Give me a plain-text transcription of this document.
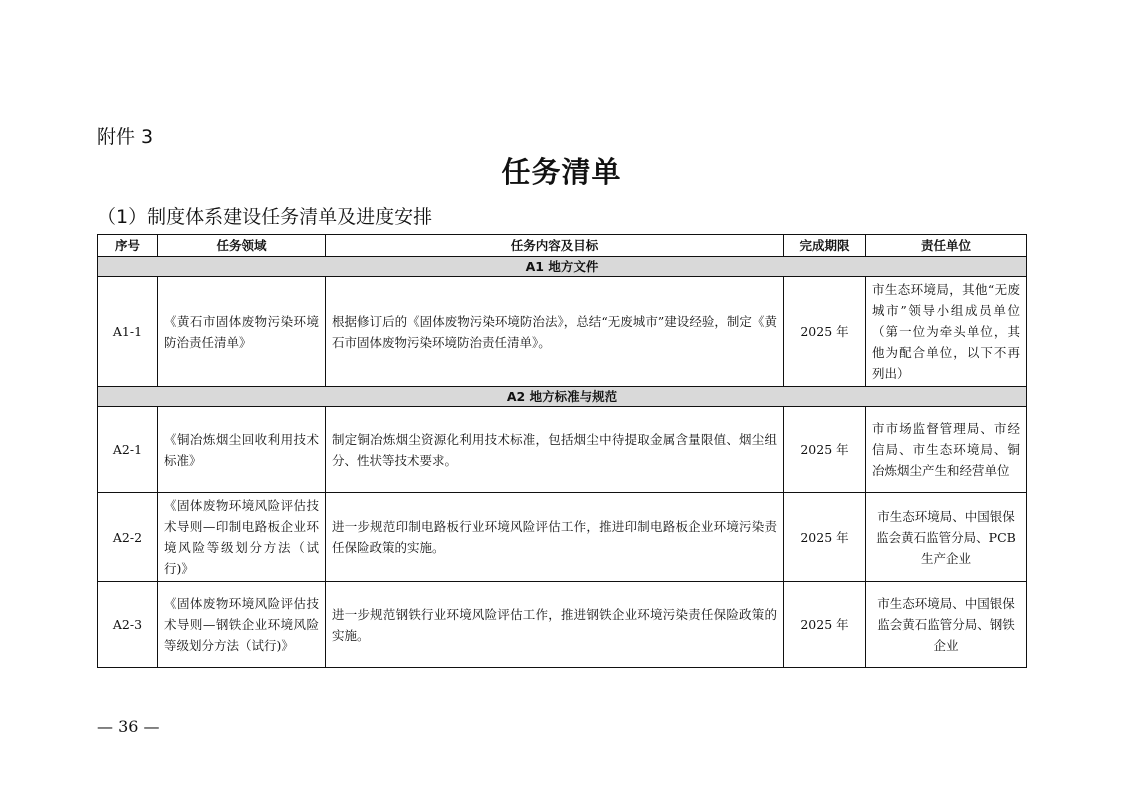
附件 3
任务清单
（1）制度体系建设任务清单及进度安排
序号	任务领域	任务内容及目标	完成期限	责任单位
A1 地方文件				
A1-1	《黄石市固体废物污染环境防治责任清单》	根据修订后的《固体废物污染环境防治法》，总结“无废城市”建设经验，制定《黄石市固体废物污染环境防治责任清单》。	2025 年	市生态环境局，其他“无废城市”领导小组成员单位（第一位为牵头单位，其他为配合单位，以下不再列出）
A2 地方标准与规范				
A2-1	《铜冶炼烟尘回收利用技术标准》	制定铜冶炼烟尘资源化利用技术标准，包括烟尘中待提取金属含量限值、烟尘组分、性状等技术要求。	2025 年	市市场监督管理局、市经信局、市生态环境局、铜冶炼烟尘产生和经营单位
A2-2	《固体废物环境风险评估技术导则—印制电路板企业环境风险等级划分方法（试行)》	进一步规范印制电路板行业环境风险评估工作，推进印制电路板企业环境污染责任保险政策的实施。	2025 年	市生态环境局、中国银保监会黄石监管分局、PCB 生产企业
A2-3	《固体废物环境风险评估技术导则—钢铁企业环境风险等级划分方法（试行)》	进一步规范钢铁行业环境风险评估工作，推进钢铁企业环境污染责任保险政策的实施。	2025 年	市生态环境局、中国银保监会黄石监管分局、钢铁企业
— 36 —
